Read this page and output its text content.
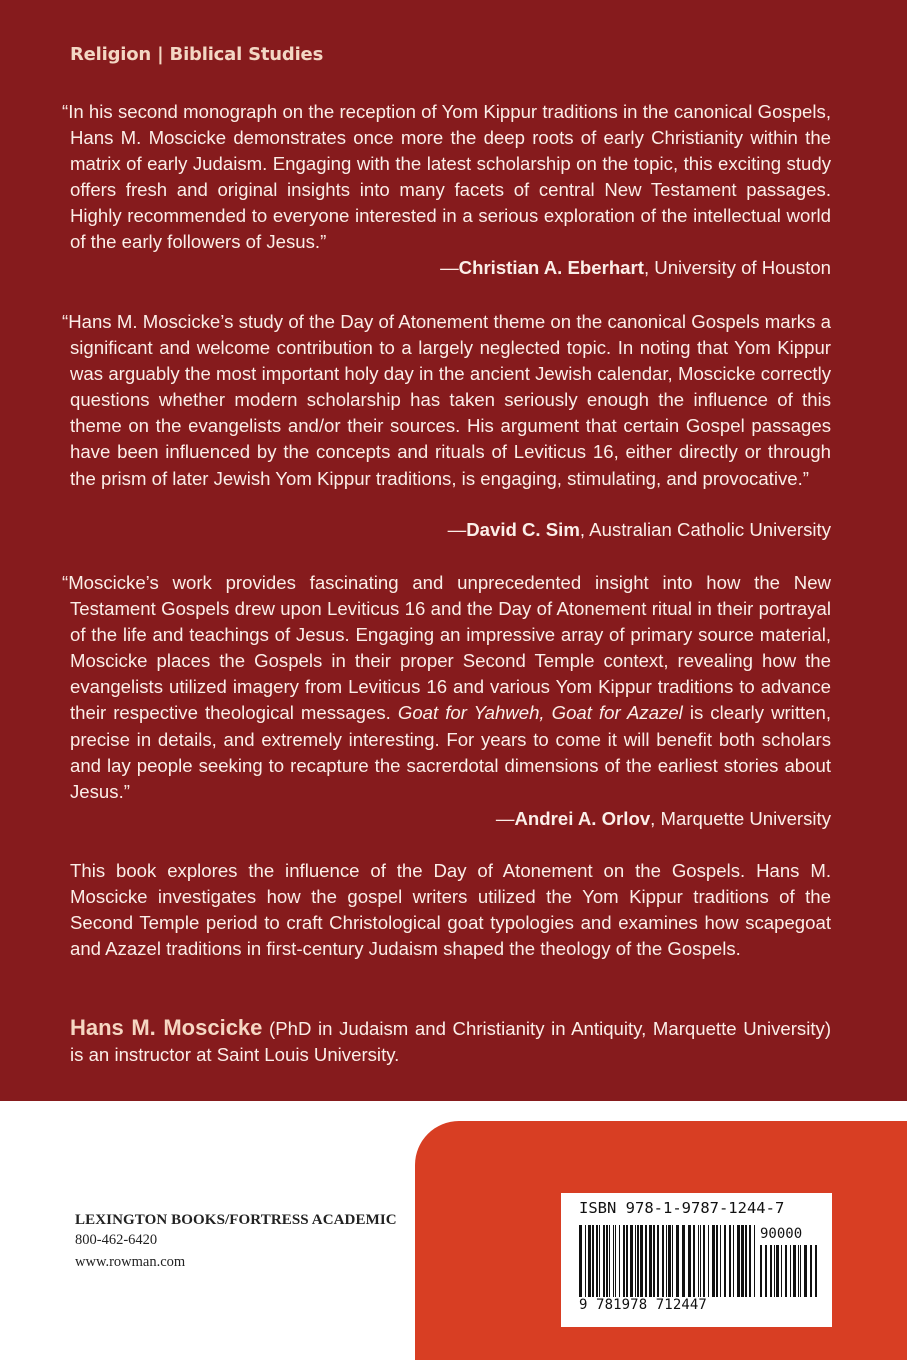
Religion | Biblical Studies
“In his second monograph on the reception of Yom Kippur traditions in the canonical Gospels, Hans M. Moscicke demonstrates once more the deep roots of early Christianity within the matrix of early Judaism. Engaging with the latest scholarship on the topic, this exciting study offers fresh and original insights into many facets of central New Testament passages. Highly recommended to everyone interested in a serious exploration of the intellectual world of the early followers of Jesus.”
—Christian A. Eberhart, University of Houston
“Hans M. Moscicke’s study of the Day of Atonement theme on the canonical Gospels marks a significant and welcome contribution to a largely neglected topic. In noting that Yom Kippur was arguably the most important holy day in the ancient Jewish calendar, Moscicke correctly questions whether modern scholarship has taken seriously enough the influence of this theme on the evangelists and/or their sources. His argument that certain Gospel passages have been influenced by the concepts and rituals of Leviticus 16, either directly or through the prism of later Jewish Yom Kippur traditions, is engaging, stimulating, and provocative.”
—David C. Sim, Australian Catholic University
“Moscicke’s work provides fascinating and unprecedented insight into how the New Testament Gospels drew upon Leviticus 16 and the Day of Atonement ritual in their portrayal of the life and teachings of Jesus. Engaging an impressive array of primary source material, Moscicke places the Gospels in their proper Second Temple context, revealing how the evangelists utilized imagery from Leviticus 16 and various Yom Kippur traditions to advance their respective theological messages. Goat for Yahweh, Goat for Azazel is clearly written, precise in details, and extremely interesting. For years to come it will benefit both scholars and lay people seeking to recapture the sacrerdotal dimensions of the earliest stories about Jesus.”
—Andrei A. Orlov, Marquette University
This book explores the influence of the Day of Atonement on the Gospels. Hans M. Moscicke investigates how the gospel writers utilized the Yom Kippur traditions of the Second Temple period to craft Christological goat typologies and examines how scapegoat and Azazel traditions in first-century Judaism shaped the theology of the Gospels.
Hans M. Moscicke (PhD in Judaism and Christianity in Antiquity, Marquette University) is an instructor at Saint Louis University.
LEXINGTON BOOKS/FORTRESS ACADEMIC
800-462-6420
www.rowman.com
ISBN 978-1-9787-1244-7
90000
9 781978 712447
